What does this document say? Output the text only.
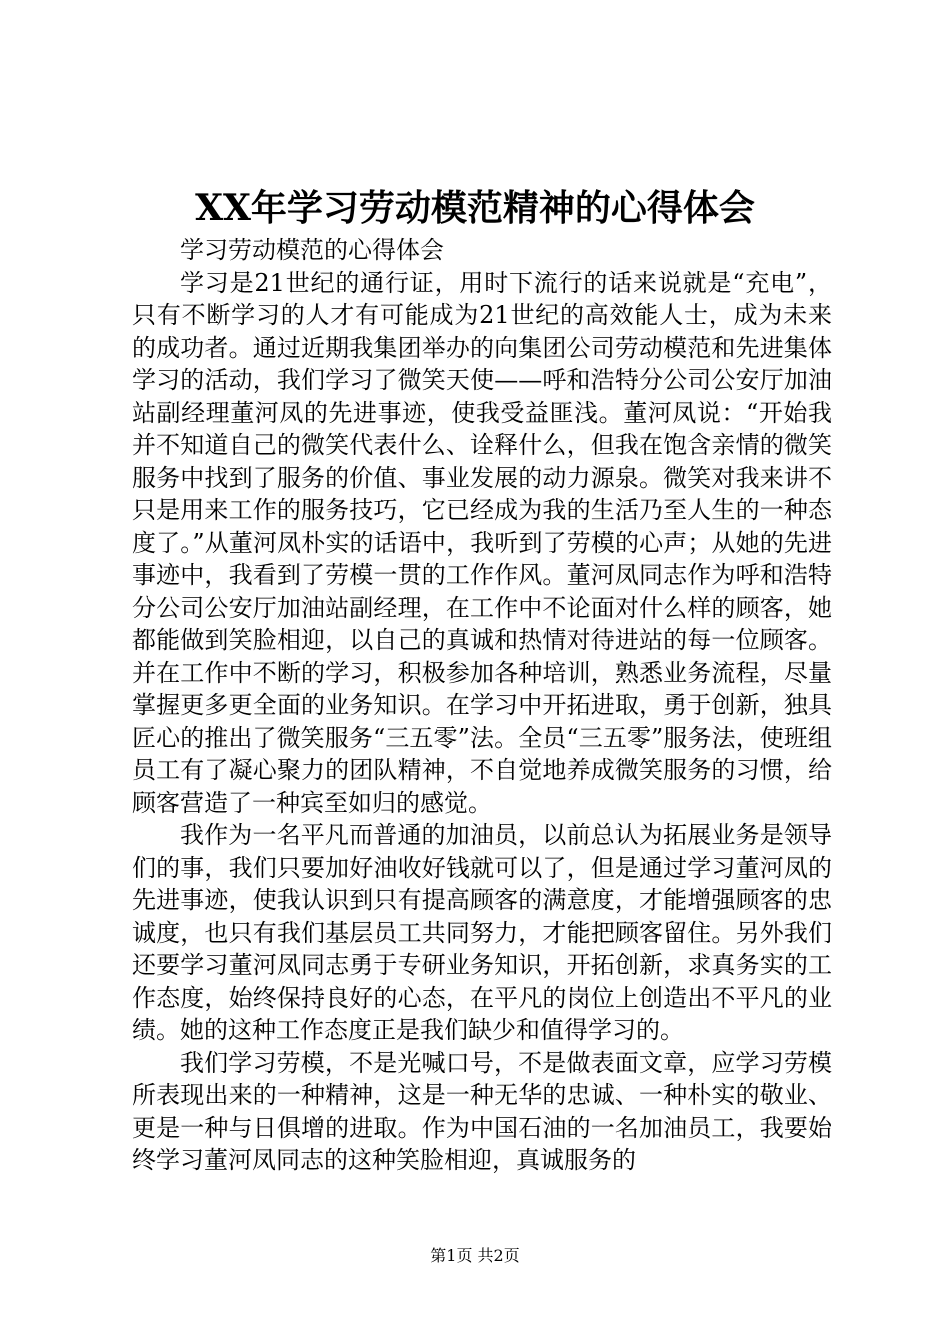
XX年学习劳动模范精神的心得体会

学习劳动模范的心得体会

学习是21世纪的通行证，用时下流行的话来说就是“充电”，只有不断学习的人才有可能成为21世纪的高效能人士，成为未来的成功者。通过近期我集团举办的向集团公司劳动模范和先进集体学习的活动，我们学习了微笑天使——呼和浩特分公司公安厅加油站副经理董河凤的先进事迹，使我受益匪浅。董河凤说：“开始我并不知道自己的微笑代表什么、诠释什么，但我在饱含亲情的微笑服务中找到了服务的价值、事业发展的动力源泉。微笑对我来讲不只是用来工作的服务技巧，它已经成为我的生活乃至人生的一种态度了。”从董河凤朴实的话语中，我听到了劳模的心声；从她的先进事迹中，我看到了劳模一贯的工作作风。董河凤同志作为呼和浩特分公司公安厅加油站副经理，在工作中不论面对什么样的顾客，她都能做到笑脸相迎，以自己的真诚和热情对待进站的每一位顾客。并在工作中不断的学习，积极参加各种培训，熟悉业务流程，尽量掌握更多更全面的业务知识。在学习中开拓进取，勇于创新，独具匠心的推出了微笑服务“三五零”法。全员“三五零”服务法，使班组员工有了凝心聚力的团队精神，不自觉地养成微笑服务的习惯，给顾客营造了一种宾至如归的感觉。

我作为一名平凡而普通的加油员，以前总认为拓展业务是领导们的事，我们只要加好油收好钱就可以了，但是通过学习董河凤的先进事迹，使我认识到只有提高顾客的满意度，才能增强顾客的忠诚度，也只有我们基层员工共同努力，才能把顾客留住。另外我们还要学习董河凤同志勇于专研业务知识，开拓创新，求真务实的工作态度，始终保持良好的心态，在平凡的岗位上创造出不平凡的业绩。她的这种工作态度正是我们缺少和值得学习的。

我们学习劳模，不是光喊口号，不是做表面文章，应学习劳模所表现出来的一种精神，这是一种无华的忠诚、一种朴实的敬业、更是一种与日俱增的进取。作为中国石油的一名加油员工，我要始终学习董河凤同志的这种笑脸相迎，真诚服务的

第1页 共2页
